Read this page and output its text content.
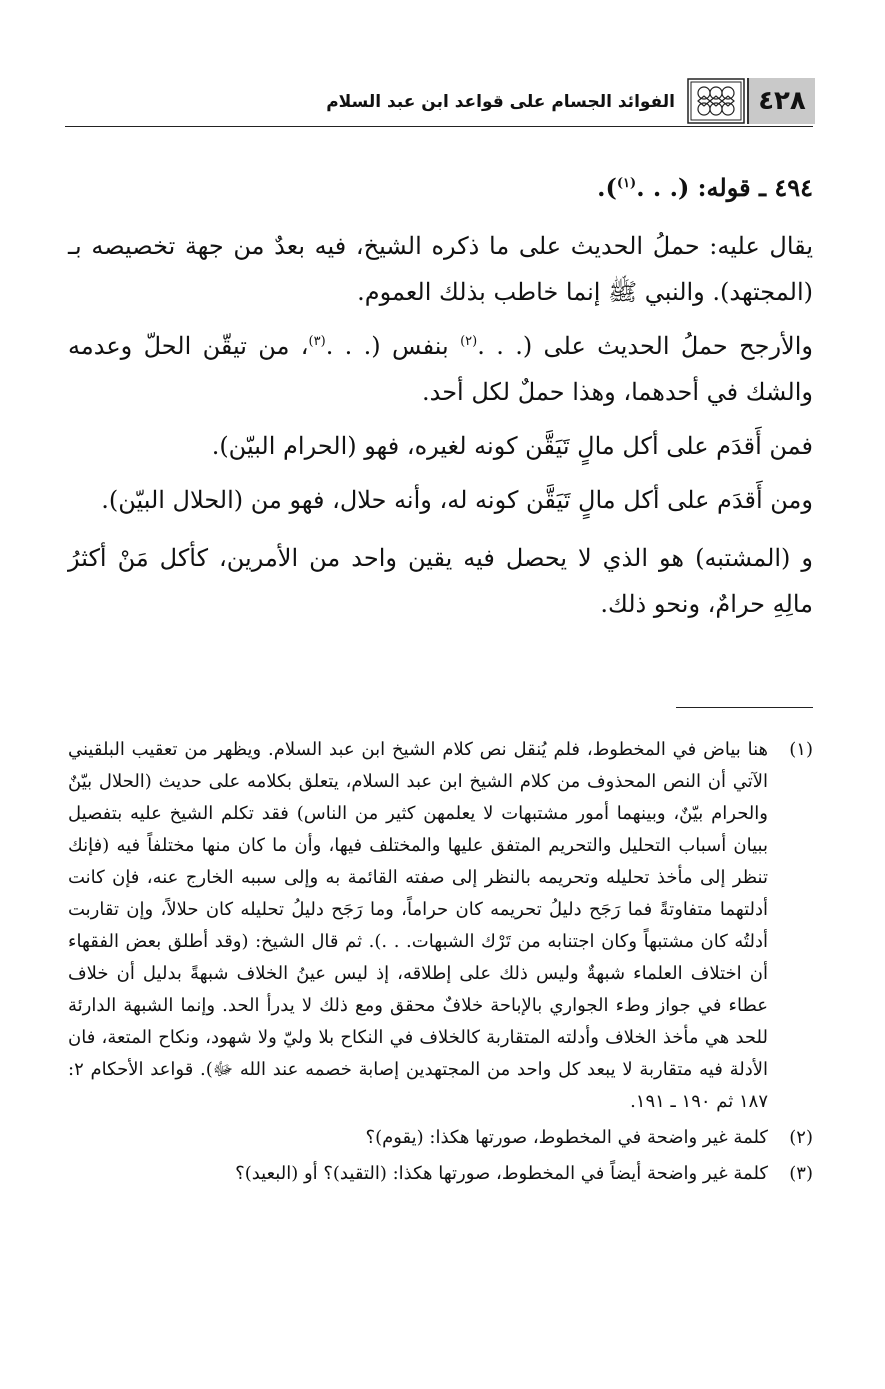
الفوائد الجسام على قواعد ابن عبد السلام	٤٢٨

٤٩٤ ـ قوله: (. . .$^{(١)}$).

يقال عليه: حملُ الحديث على ما ذكره الشيخ، فيه بعدٌ من جهة تخصيصه بـ (المجتهد). والنبي ﷺ إنما خاطب بذلك العموم.

والأرجح حملُ الحديث على (. . .$^{(٢)}$ بنفس (. . .$^{(٣)}$، من تيقّن الحلّ وعدمه والشك في أحدهما، وهذا حملٌ لكل أحد.

فمن أَقدَم على أكل مالٍ تَيَقَّن كونه لغيره، فهو (الحرام البيّن).

ومن أَقدَم على أكل مالٍ تَيَقَّن كونه له، وأنه حلال، فهو من (الحلال البيّن).

و (المشتبه) هو الذي لا يحصل فيه يقين واحد من الأمرين، كأكل مَنْ أكثرُ مالِهِ حرامٌ، ونحو ذلك.

(١)
هنا بياض في المخطوط، فلم يُنقل نص كلام الشيخ ابن عبد السلام. ويظهر من تعقيب البلقيني الآتي أن النص المحذوف من كلام الشيخ ابن عبد السلام، يتعلق بكلامه على حديث (الحلال بيّنٌ والحرام بيّنٌ، وبينهما أمور مشتبهات لا يعلمهن كثير من الناس) فقد تكلم الشيخ عليه بتفصيل ببيان أسباب التحليل والتحريم المتفق عليها والمختلف فيها، وأن ما كان منها مختلفاً فيه (فإنك تنظر إلى مأخذ تحليله وتحريمه بالنظر إلى صفته القائمة به وإلى سببه الخارج عنه، فإن كانت أدلتهما متفاوتةً فما رَجَح دليلُ تحريمه كان حراماً، وما رَجَح دليلُ تحليله كان حلالاً، وإن تقاربت أدلتُه كان مشتبهاً وكان اجتنابه من تَرْك الشبهات. . .). ثم قال الشيخ: (وقد أطلق بعض الفقهاء أن اختلاف العلماء شبهةٌ وليس ذلك على إطلاقه، إذ ليس عينُ الخلاف شبهةً بدليل أن خلاف عطاء في جواز وطء الجواري بالإباحة خلافٌ محقق ومع ذلك لا يدرأ الحد. وإنما الشبهة الدارئة للحد هي مأخذ الخلاف وأدلته المتقاربة كالخلاف في النكاح بلا وليّ ولا شهود، ونكاح المتعة، فان الأدلة فيه متقاربة لا يبعد كل واحد من المجتهدين إصابة خصمه عند الله ﷻ). قواعد الأحكام ٢: ١٨٧ ثم ١٩٠ ـ ١٩١.
(٢)
كلمة غير واضحة في المخطوط، صورتها هكذا: (يقوم)؟
(٣)
كلمة غير واضحة أيضاً في المخطوط، صورتها هكذا: (التقيد)؟ أو (البعيد)؟
